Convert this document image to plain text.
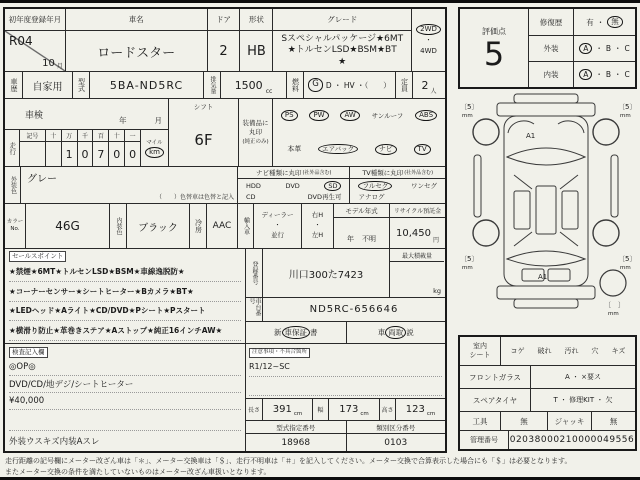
初年度登録年月
R04
10 月
車名
ロードスター
ドア
2
形状
HB
グレード
Sスペシャルパッケージ★6MT
★トルセンLSD★BSM★BT
★
2WD
・
4WD
車歴	自家用	型式	5BA-ND5RC	排気量	1500 cc	燃料	G D ・ HV ・（　　）	定員	2 人
車検	年	月
走行
記号	十	万	千	百	十	一
1 0 7 0 0
マイル
km
シフト
6F
装備品に
丸印
(純正のみ)
PS	PW	AW	サンルーフ	ABS
本革	エアバック	ナビ	TV
外装色	グレー
（　　）色替車は色替と記入
ナビ種類に丸印 (社外品含む)	TV種類に丸印 (社外品含む)
HDD	DVD	SD
CD	DVD再生可
フルセグ	ワンセグ
アナログ
カラー
No.	46G	内装色	ブラック	冷房	AAC	輸入車
ディーラー
・
並行
右H
・
左H
モデル年式
年 不明
リサイクル預託金
10,450
円
セールスポイント
★禁煙★6MT★トルセンLSD★BSM★車線逸脱防★
★コーナーセンサー★シートヒーター★Bカメラ★BT★
★LEDヘッド★Aライト★CD/DVD★Pシート★Pスタート
★横滑り防止★革巻きステア★Aストップ★純正16インチAW★
登録番号	川口300た7423
最大積載量
kg
車台番号
ND5RC-656646
新 車保証 書	車 両取 説
検査記入欄
◎OP◎
DVD/CD/地デジ/シートヒーター
¥40,000
外装ウスキズ内装Aスレ
注意事項・不具合箇所
R1/12~SC
長さ 391 cm	幅	173 cm	高さ 123 cm
型式指定番号	類別区分番号
18968	0103
評価点
5
修復歴	有 ・ 無
外装	A ・ B ・ C
内装	A ・ B ・ C
A1
A1
〔5〕
mm
〔5〕
mm
〔5〕
mm
〔5〕
mm
〔　〕
mm
室内
シート	コゲ 破れ 汚れ 穴 キズ
フロントガラス	A ・ ×要ス
スペアタイヤ	T ・ 修理KIT ・ 欠
工具	無	ジャッキ	無
管理番号	02038000210000049556
走行距離の記号欄にメーター改ざん車は「＊」、メーター交換車は「＄」、走行不明車は「＃」を記入してください。メーター交換で合算表示した場合にも「＄」は必要となります。
またメーター交換の条件を満たしていないものはメーター改ざん車扱いとなります。
